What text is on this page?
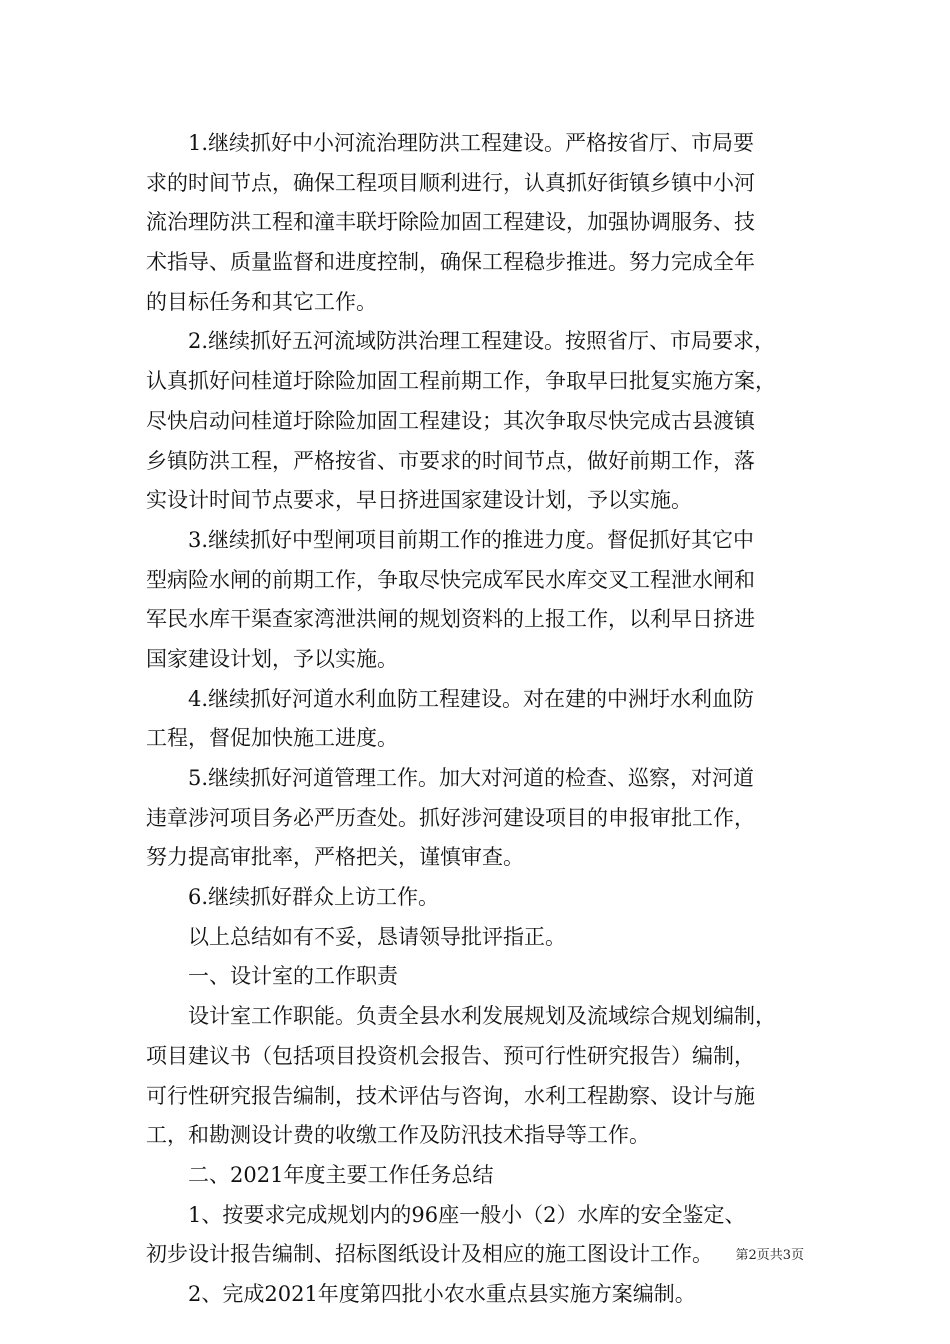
1.继续抓好中小河流治理防洪工程建设。严格按省厅、市局要
求的时间节点，确保工程项目顺利进行，认真抓好街镇乡镇中小河
流治理防洪工程和潼丰联圩除险加固工程建设，加强协调服务、技
术指导、质量监督和进度控制，确保工程稳步推进。努力完成全年
的目标任务和其它工作。
2.继续抓好五河流域防洪治理工程建设。按照省厅、市局要求，
认真抓好问桂道圩除险加固工程前期工作，争取早曰批复实施方案，
尽快启动问桂道圩除险加固工程建设；其次争取尽快完成古县渡镇
乡镇防洪工程，严格按省、市要求的时间节点，做好前期工作，落
实设计时间节点要求，早日挤进国家建设计划，予以实施。
3.继续抓好中型闸项目前期工作的推进力度。督促抓好其它中
型病险水闸的前期工作，争取尽快完成军民水库交叉工程泄水闸和
军民水库干渠查家湾泄洪闸的规划资料的上报工作，以利早日挤进
国家建设计划，予以实施。
4.继续抓好河道水利血防工程建设。对在建的中洲圩水利血防
工程，督促加快施工进度。
5.继续抓好河道管理工作。加大对河道的检查、巡察，对河道
违章涉河项目务必严历查处。抓好涉河建设项目的申报审批工作，
努力提高审批率，严格把关，谨慎审查。
6.继续抓好群众上访工作。
以上总结如有不妥，恳请领导批评指正。
一、设计室的工作职责
设计室工作职能。负责全县水利发展规划及流域综合规划编制，
项目建议书（包括项目投资机会报告、预可行性研究报告）编制，
可行性研究报告编制，技术评估与咨询，水利工程勘察、设计与施
工，和勘测设计费的收缴工作及防汛技术指导等工作。
二、2021年度主要工作任务总结
1、按要求完成规划内的96座一般小（2）水库的安全鉴定、
初步设计报告编制、招标图纸设计及相应的施工图设计工作。
2、完成2021年度第四批小农水重点县实施方案编制。
第2页共3页
